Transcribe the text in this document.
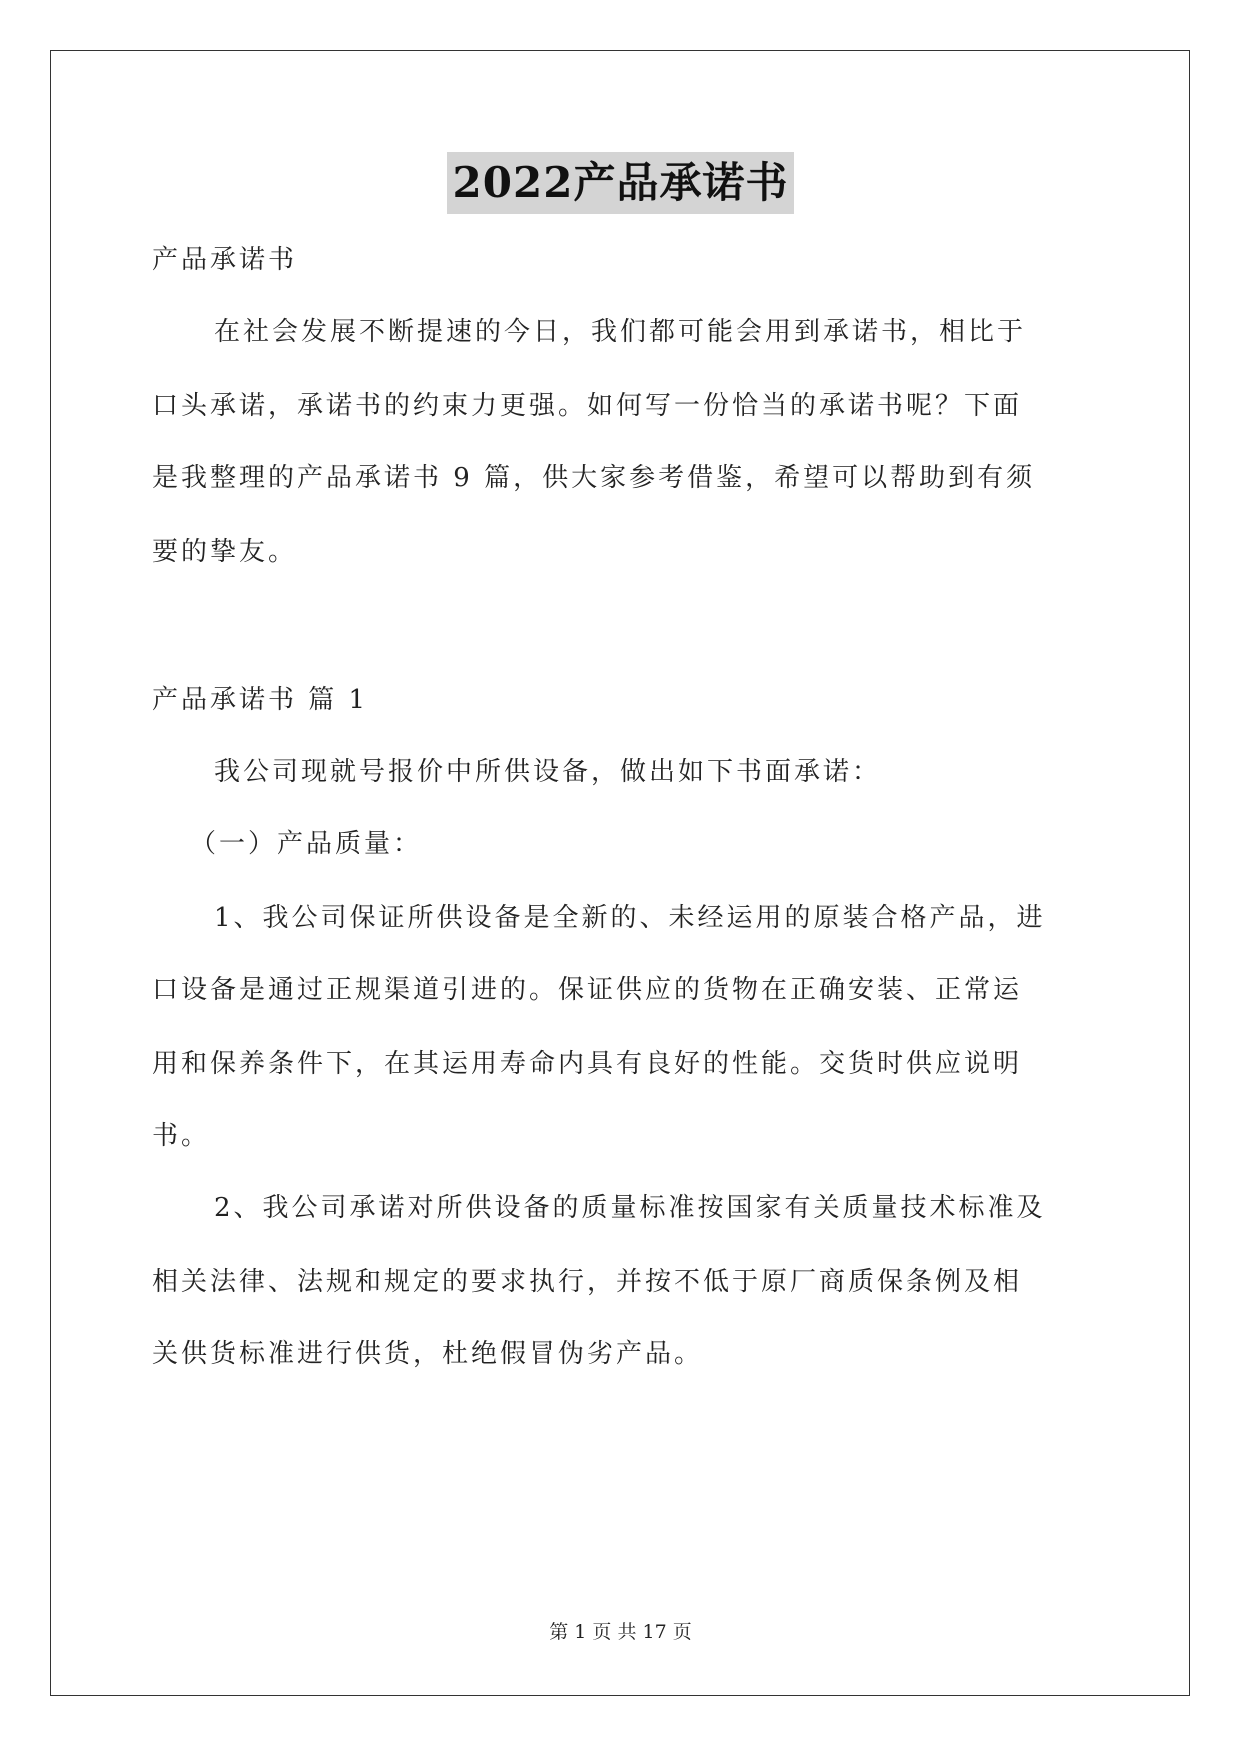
2022产品承诺书
产品承诺书
在社会发展不断提速的今日，我们都可能会用到承诺书，相比于
口头承诺，承诺书的约束力更强。如何写一份恰当的承诺书呢？下面
是我整理的产品承诺书 9 篇，供大家参考借鉴，希望可以帮助到有须
要的挚友。
产品承诺书 篇 1
我公司现就号报价中所供设备，做出如下书面承诺：
（一）产品质量：
1、我公司保证所供设备是全新的、未经运用的原装合格产品，进
口设备是通过正规渠道引进的。保证供应的货物在正确安装、正常运
用和保养条件下，在其运用寿命内具有良好的性能。交货时供应说明
书。
2、我公司承诺对所供设备的质量标准按国家有关质量技术标准及
相关法律、法规和规定的要求执行，并按不低于原厂商质保条例及相
关供货标准进行供货，杜绝假冒伪劣产品。
第 1 页 共 17 页
